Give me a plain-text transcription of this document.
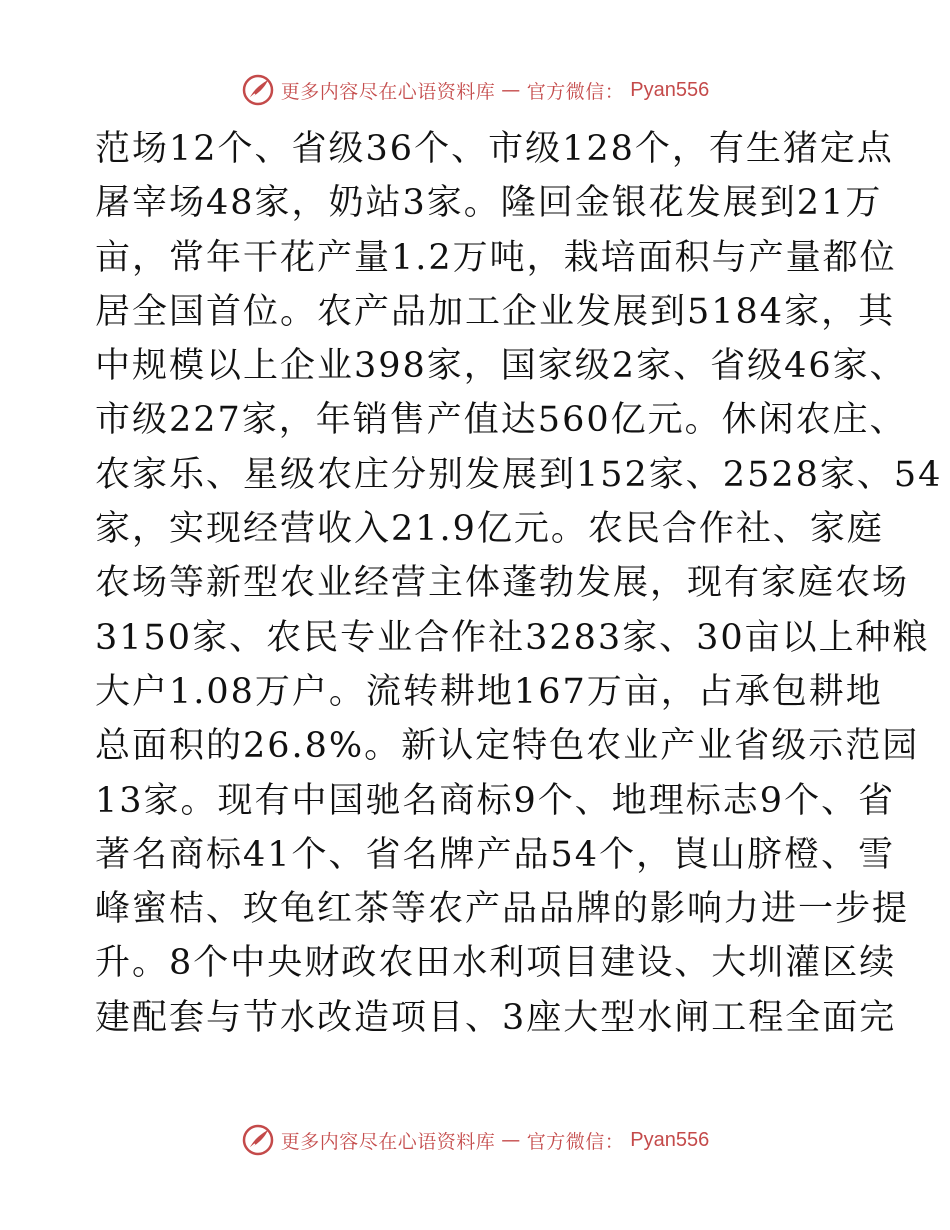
更多内容尽在心语资料库 — 官方微信： Pyan556
范场12个、省级36个、市级128个，有生猪定点
屠宰场48家，奶站3家。隆回金银花发展到21万
亩，常年干花产量1.2万吨，栽培面积与产量都位
居全国首位。农产品加工企业发展到5184家，其
中规模以上企业398家，国家级2家、省级46家、
市级227家，年销售产值达560亿元。休闲农庄、
农家乐、星级农庄分别发展到152家、2528家、54
家，实现经营收入21.9亿元。农民合作社、家庭
农场等新型农业经营主体蓬勃发展，现有家庭农场
3150家、农民专业合作社3283家、30亩以上种粮
大户1.08万户。流转耕地167万亩，占承包耕地
总面积的26.8%。新认定特色农业产业省级示范园
13家。现有中国驰名商标9个、地理标志9个、省
著名商标41个、省名牌产品54个，崀山脐橙、雪
峰蜜桔、玫龟红茶等农产品品牌的影响力进一步提
升。8个中央财政农田水利项目建设、大圳灌区续
建配套与节水改造项目、3座大型水闸工程全面完
更多内容尽在心语资料库 — 官方微信： Pyan556
